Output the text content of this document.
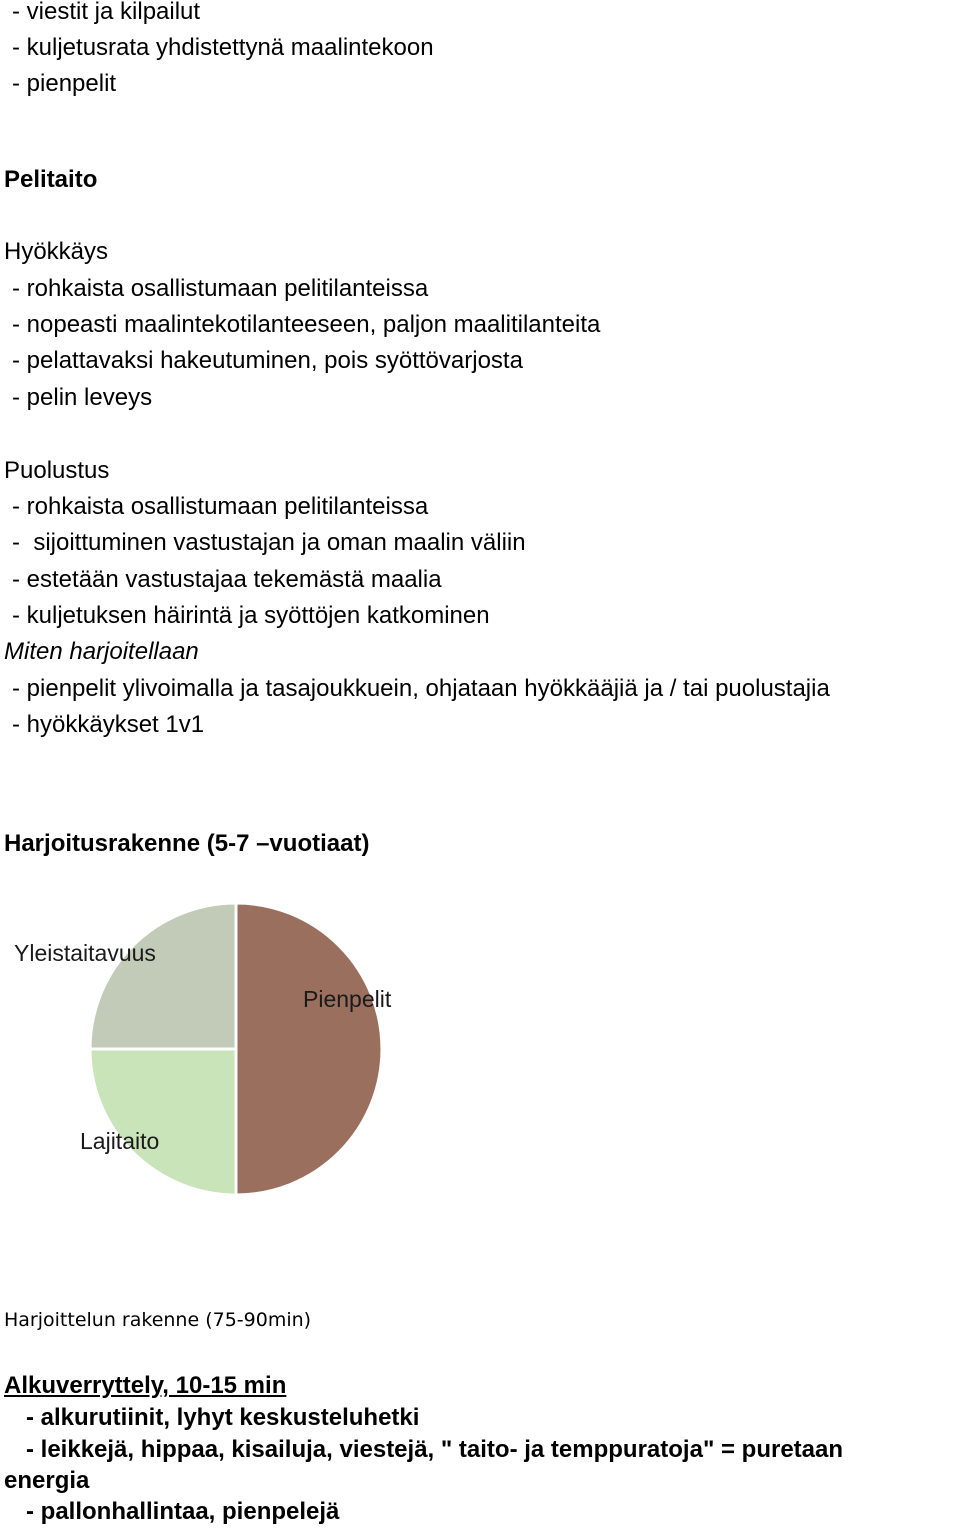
- viestit ja kilpailut
- kuljetusrata yhdistettynä maalintekoon
- pienpelit
Pelitaito
Hyökkäys
- rohkaista osallistumaan pelitilanteissa
- nopeasti maalintekotilanteeseen, paljon maalitilanteita
- pelattavaksi hakeutuminen, pois syöttövarjosta
- pelin leveys
Puolustus
- rohkaista osallistumaan pelitilanteissa
-  sijoittuminen vastustajan ja oman maalin väliin
- estetään vastustajaa tekemästä maalia
- kuljetuksen häirintä ja syöttöjen katkominen
Miten harjoitellaan
- pienpelit ylivoimalla ja tasajoukkuein, ohjataan hyökkääjiä ja / tai puolustajia
- hyökkäykset 1v1
Harjoitusrakenne (5-7 –vuotiaat)
Pienpelit
Lajitaito
Yleistaitavuus
Harjoittelun rakenne (75-90min)
Alkuverryttely, 10-15 min
- alkurutiinit, lyhyt keskusteluhetki
- leikkejä, hippaa, kisailuja, viestejä, " taito- ja temppuratoja" = puretaan
energia
- pallonhallintaa, pienpelejä
